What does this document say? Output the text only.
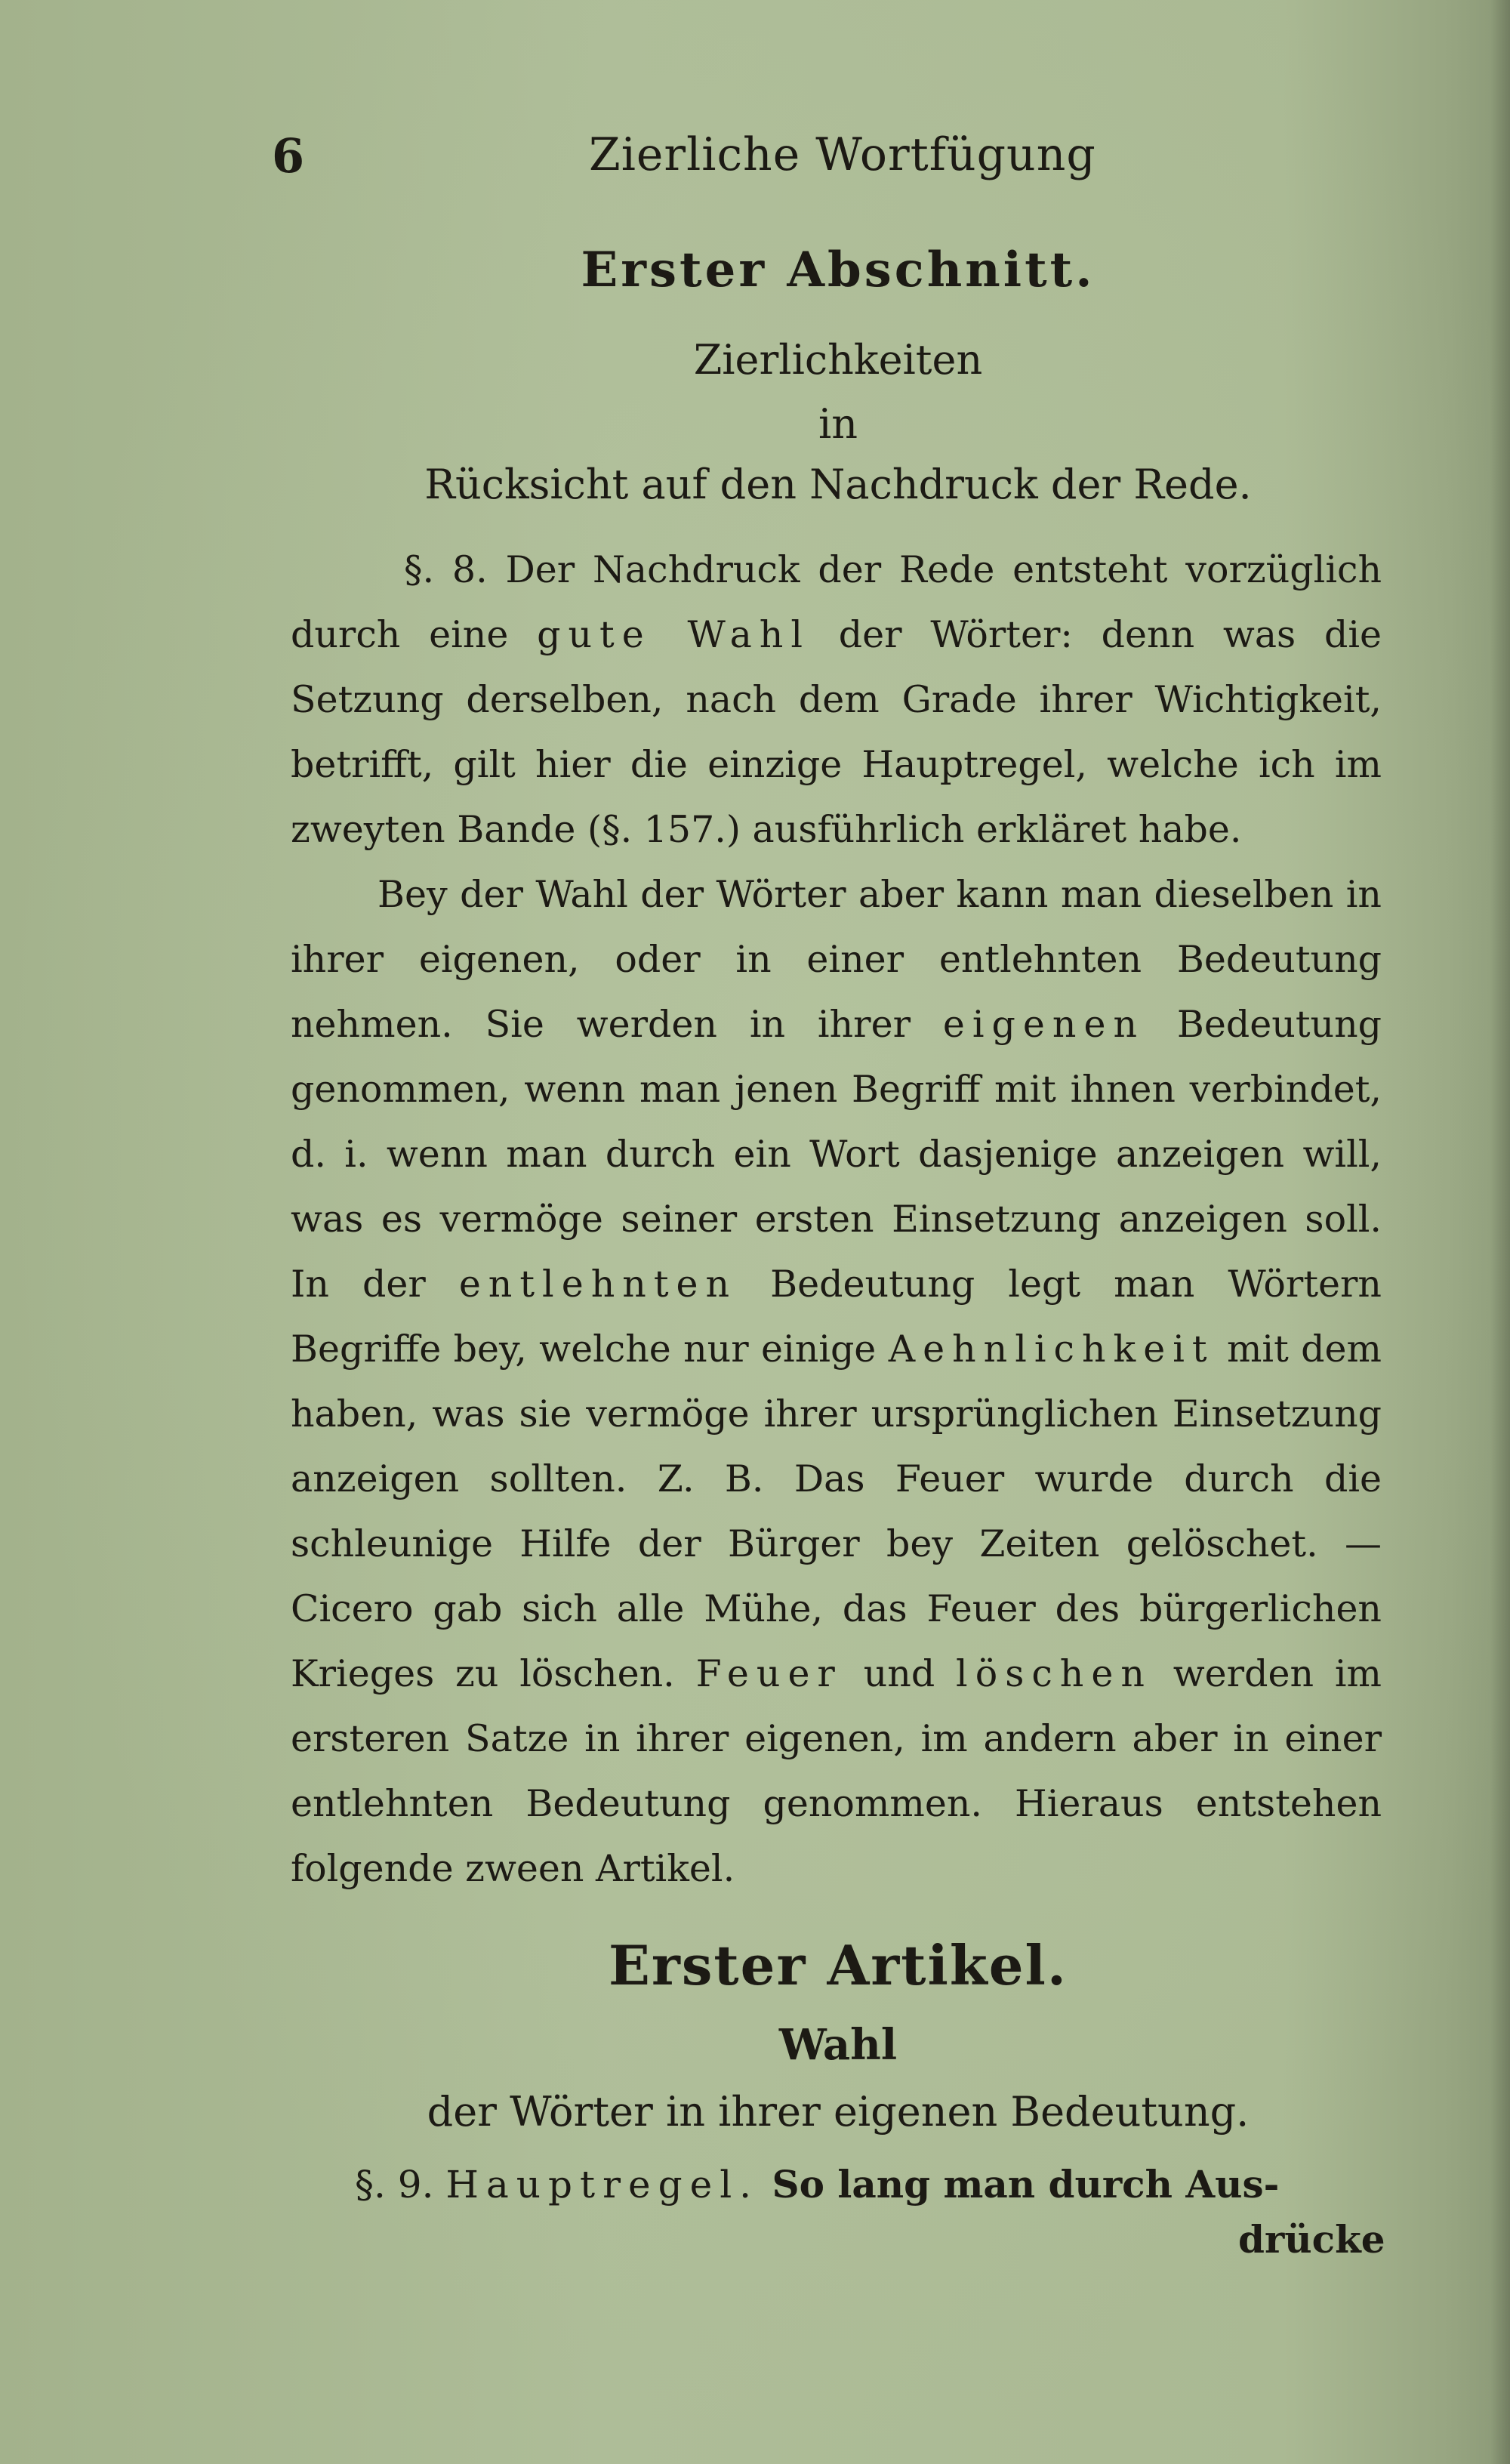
6	Zierliche Wortfügung
Erster Abschnitt.
Zierlichkeiten
in
Rücksicht auf den Nachdruck der Rede.

§. 8. Der Nachdruck der Rede entsteht vorzüglich durch eine gute Wahl der Wörter: denn was die Setzung derselben, nach dem Grade ihrer Wichtigkeit, betrifft, gilt hier die einzige Hauptregel, welche ich im zweyten Bande (§. 157.) ausführlich erkläret habe.

Bey der Wahl der Wörter aber kann man dieselben in ihrer eigenen, oder in einer entlehnten Bedeutung nehmen. Sie werden in ihrer eigenen Bedeutung genommen, wenn man jenen Begriff mit ihnen verbindet, d. i. wenn man durch ein Wort dasjenige anzeigen will, was es vermöge seiner ersten Einsetzung anzeigen soll. In der entlehnten Bedeutung legt man Wörtern Begriffe bey, welche nur einige Aehnlichkeit mit dem haben, was sie vermöge ihrer ursprünglichen Einsetzung anzeigen sollten. Z. B. Das Feuer wurde durch die schleunige Hilfe der Bürger bey Zeiten gelöschet. — Cicero gab sich alle Mühe, das Feuer des bürgerlichen Krieges zu löschen. Feuer und löschen werden im ersteren Satze in ihrer eigenen, im andern aber in einer entlehnten Bedeutung genommen. Hieraus entstehen folgende zween Artikel.

Erster Artikel.
Wahl
der Wörter in ihrer eigenen Bedeutung.
§. 9. Hauptregel. So lang man durch Aus-
drücke
